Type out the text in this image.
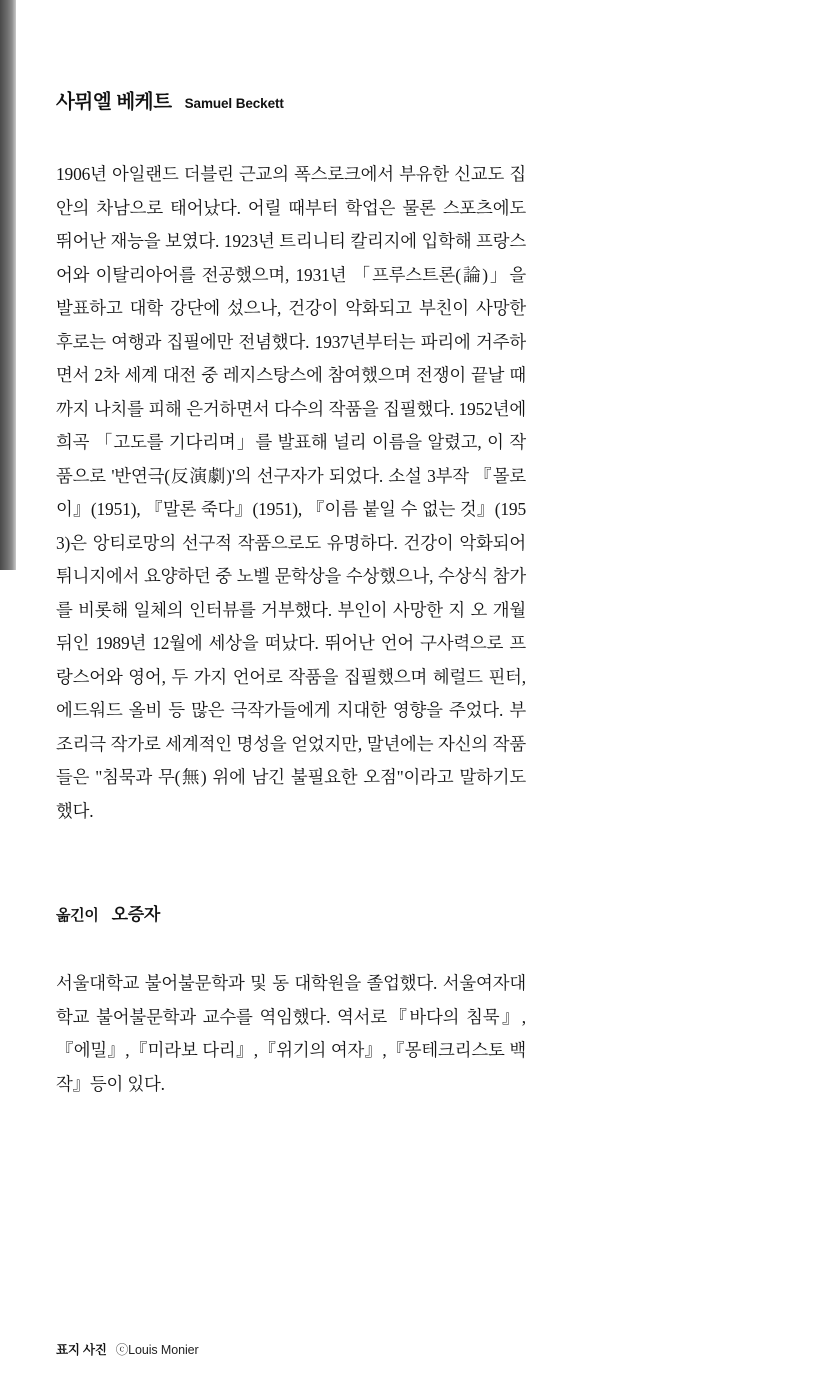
사뮈엘 베케트 Samuel Beckett

1906년 아일랜드 더블린 근교의 폭스로크에서 부유한 신교도 집안의 차남으로 태어났다. 어릴 때부터 학업은 물론 스포츠에도 뛰어난 재능을 보였다. 1923년 트리니티 칼리지에 입학해 프랑스어와 이탈리아어를 전공했으며, 1931년 「프루스트론(論)」을 발표하고 대학 강단에 섰으나, 건강이 악화되고 부친이 사망한 후로는 여행과 집필에만 전념했다. 1937년부터는 파리에 거주하면서 2차 세계 대전 중 레지스탕스에 참여했으며 전쟁이 끝날 때까지 나치를 피해 은거하면서 다수의 작품을 집필했다. 1952년에 희곡 「고도를 기다리며」를 발표해 널리 이름을 알렸고, 이 작품으로 '반연극(反演劇)'의 선구자가 되었다. 소설 3부작 『몰로이』(1951), 『말론 죽다』(1951), 『이름 붙일 수 없는 것』(1953)은 앙티로망의 선구적 작품으로도 유명하다. 건강이 악화되어 튀니지에서 요양하던 중 노벨 문학상을 수상했으나, 수상식 참가를 비롯해 일체의 인터뷰를 거부했다. 부인이 사망한 지 오 개월 뒤인 1989년 12월에 세상을 떠났다. 뛰어난 언어 구사력으로 프랑스어와 영어, 두 가지 언어로 작품을 집필했으며 헤럴드 핀터, 에드워드 올비 등 많은 극작가들에게 지대한 영향을 주었다. 부조리극 작가로 세계적인 명성을 얻었지만, 말년에는 자신의 작품들은 "침묵과 무(無) 위에 남긴 불필요한 오점"이라고 말하기도 했다.

옮긴이 오증자

서울대학교 불어불문학과 및 동 대학원을 졸업했다. 서울여자대학교 불어불문학과 교수를 역임했다. 역서로『바다의 침묵』,『에밀』,『미라보 다리』,『위기의 여자』,『몽테크리스토 백작』등이 있다.

표지 사진 ⓒLouis Monier
